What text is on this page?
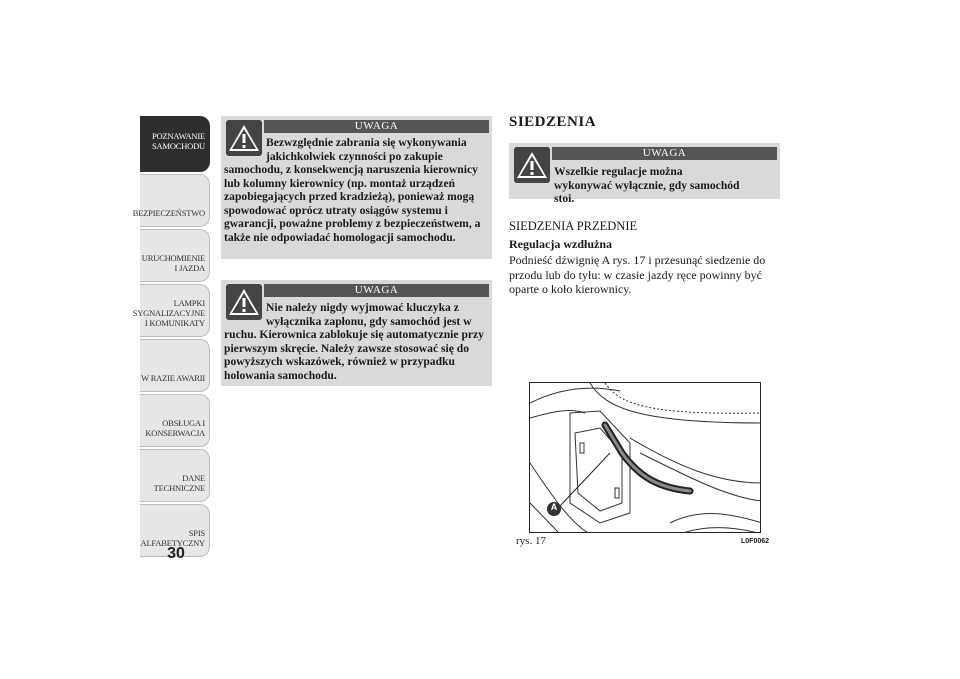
POZNAWANIE SAMOCHODU
BEZPIECZEŃSTWO
URUCHOMIENIE I JAZDA
LAMPKI SYGNALIZACYJNE I KOMUNIKATY
W RAZIE AWARII
OBSŁUGA I KONSERWACJA
DANE TECHNICZNE
SPIS ALFABETYCZNY
30
UWAGA
Bezwzględnie zabrania się wykonywania jakichkolwiek czynności po zakupie
samochodu, z konsekwencją naruszenia kierownicy lub kolumny kierownicy (np. montaż urządzeń zapobiegających przed kradzieżą), ponieważ mogą spowodować oprócz utraty osiągów systemu i gwarancji, poważne problemy z bezpieczeństwem, a także nie odpowiadać homologacji samochodu.
UWAGA
Nie należy nigdy wyjmować kluczyka z wyłącznika zapłonu, gdy samochód jest w
ruchu. Kierownica zablokuje się automatycznie przy pierwszym skręcie. Należy zawsze stosować się do powyższych wskazówek, również w przypadku holowania samochodu.
SIEDZENIA
UWAGA
Wszelkie regulacje można wykonywać wyłącznie, gdy samochód stoi.
SIEDZENIA PRZEDNIE
Regulacja wzdłużna
Podnieść dźwignię A rys. 17 i przesunąć siedzenie do przodu lub do tyłu: w czasie jazdy ręce powinny być oparte o koło kierownicy.
A
rys. 17	L0F0062
